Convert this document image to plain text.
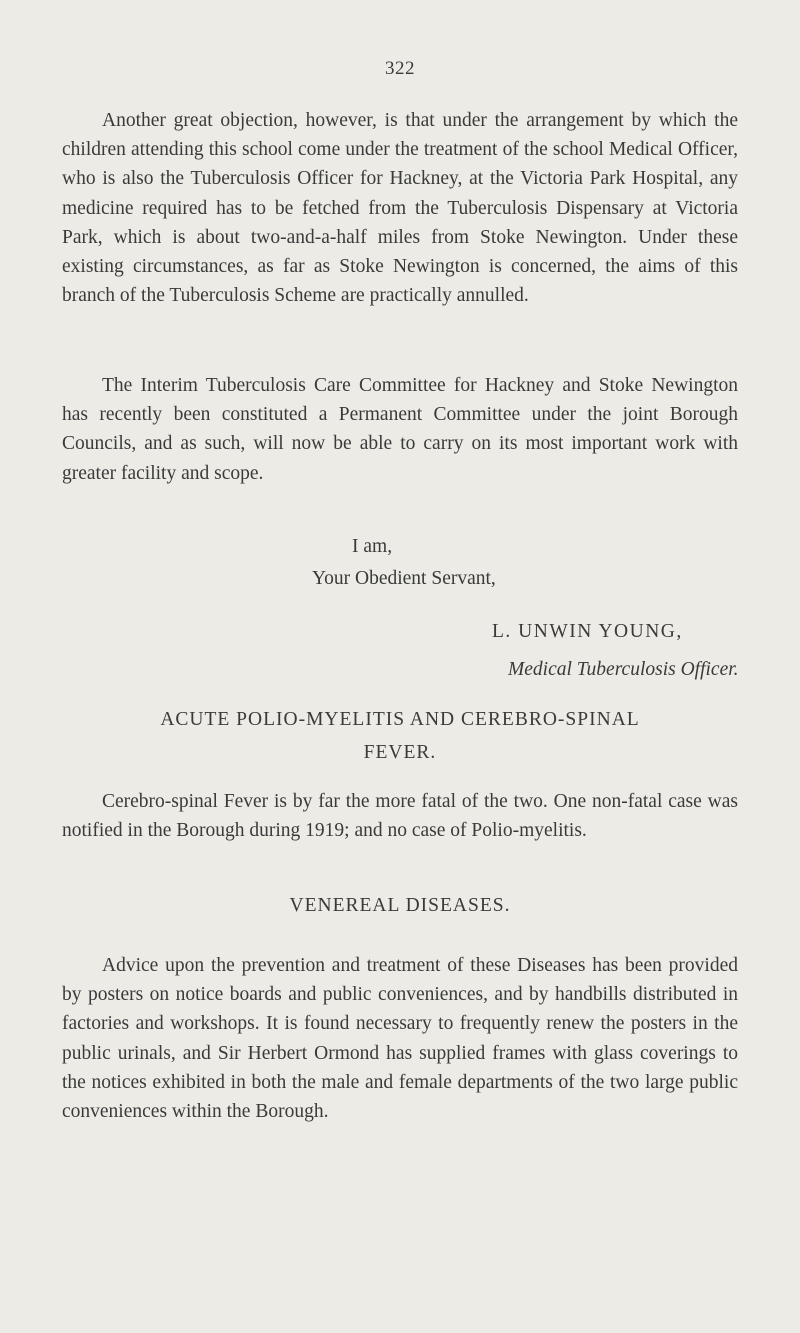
322

Another great objection, however, is that under the arrangement by which the children attending this school come under the treatment of the school Medical Officer, who is also the Tuberculosis Officer for Hackney, at the Victoria Park Hospital, any medicine required has to be fetched from the Tuberculosis Dispensary at Victoria Park, which is about two-and-a-half miles from Stoke Newington. Under these existing circumstances, as far as Stoke Newington is concerned, the aims of this branch of the Tuberculosis Scheme are practically annulled.

The Interim Tuberculosis Care Committee for Hackney and Stoke Newington has recently been constituted a Permanent Committee under the joint Borough Councils, and as such, will now be able to carry on its most important work with greater facility and scope.

I am,
Your Obedient Servant,
L. UNWIN YOUNG,
Medical Tuberculosis Officer.
ACUTE POLIO-MYELITIS AND CEREBRO-SPINAL
FEVER.

Cerebro-spinal Fever is by far the more fatal of the two. One non-fatal case was notified in the Borough during 1919; and no case of Polio-myelitis.

VENEREAL DISEASES.

Advice upon the prevention and treatment of these Diseases has been provided by posters on notice boards and public conveniences, and by handbills distributed in factories and workshops. It is found necessary to frequently renew the posters in the public urinals, and Sir Herbert Ormond has supplied frames with glass coverings to the notices exhibited in both the male and female departments of the two large public conveniences within the Borough.
